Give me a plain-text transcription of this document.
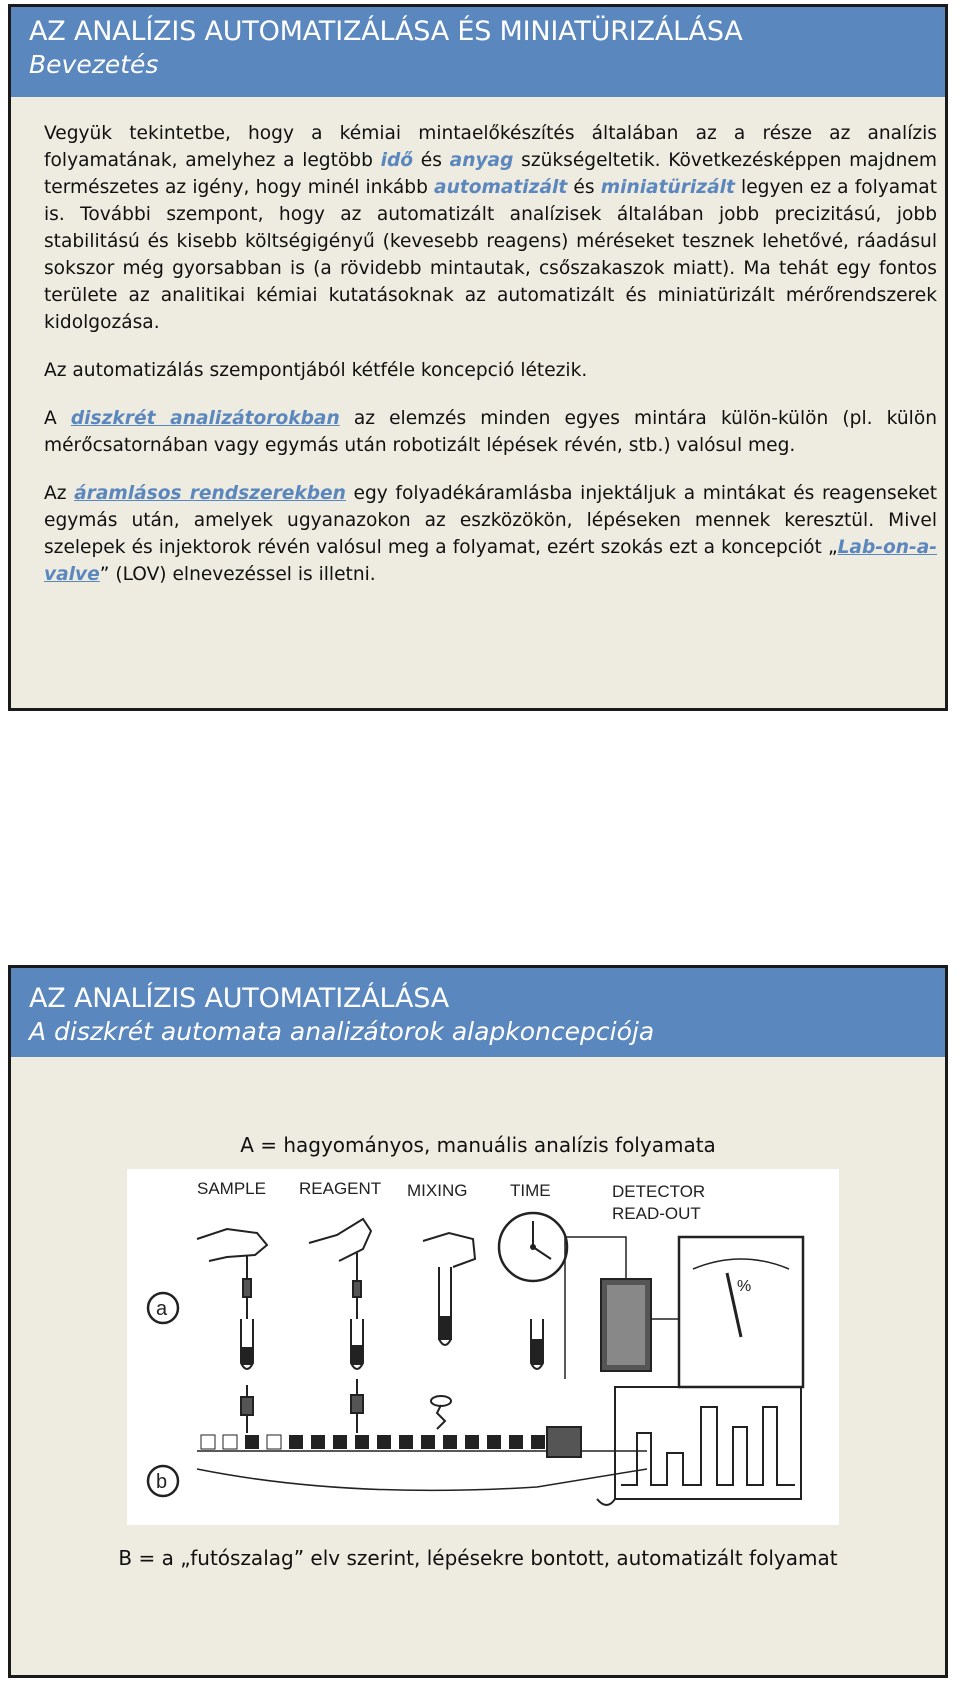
AZ ANALÍZIS AUTOMATIZÁLÁSA ÉS MINIATÜRIZÁLÁSA
Bevezetés

Vegyük tekintetbe, hogy a kémiai mintaelőkészítés általában az a része az analízis folyamatának, amelyhez a legtöbb idő és anyag szükségeltetik. Következésképpen majdnem természetes az igény, hogy minél inkább automatizált és miniatürizált legyen ez a folyamat is. További szempont, hogy az automatizált analízisek általában jobb precizitású, jobb stabilitású és kisebb költségigényű (kevesebb reagens) méréseket tesznek lehetővé, ráadásul sokszor még gyorsabban is (a rövidebb mintautak, csőszakaszok miatt). Ma tehát egy fontos területe az analitikai kémiai kutatásoknak az automatizált és miniatürizált mérőrendszerek kidolgozása.

Az automatizálás szempontjából kétféle koncepció létezik.

A diszkrét analizátorokban az elemzés minden egyes mintára külön-külön (pl. külön mérőcsatornában vagy egymás után robotizált lépések révén, stb.) valósul meg.

Az áramlásos rendszerekben egy folyadékáramlásba injektáljuk a mintákat és reagenseket egymás után, amelyek ugyanazokon az eszközökön, lépéseken mennek keresztül. Mivel szelepek és injektorok révén valósul meg a folyamat, ezért szokás ezt a koncepciót „Lab-on-a-valve” (LOV) elnevezéssel is illetni.

AZ ANALÍZIS AUTOMATIZÁLÁSA
A diszkrét automata analizátorok alapkoncepciója
A = hagyományos, manuális analízis folyamata
SAMPLE REAGENT MIXING	TIME	DETECTOR
READ-OUT
a
%
b
B = a „futószalag” elv szerint, lépésekre bontott, automatizált folyamat
